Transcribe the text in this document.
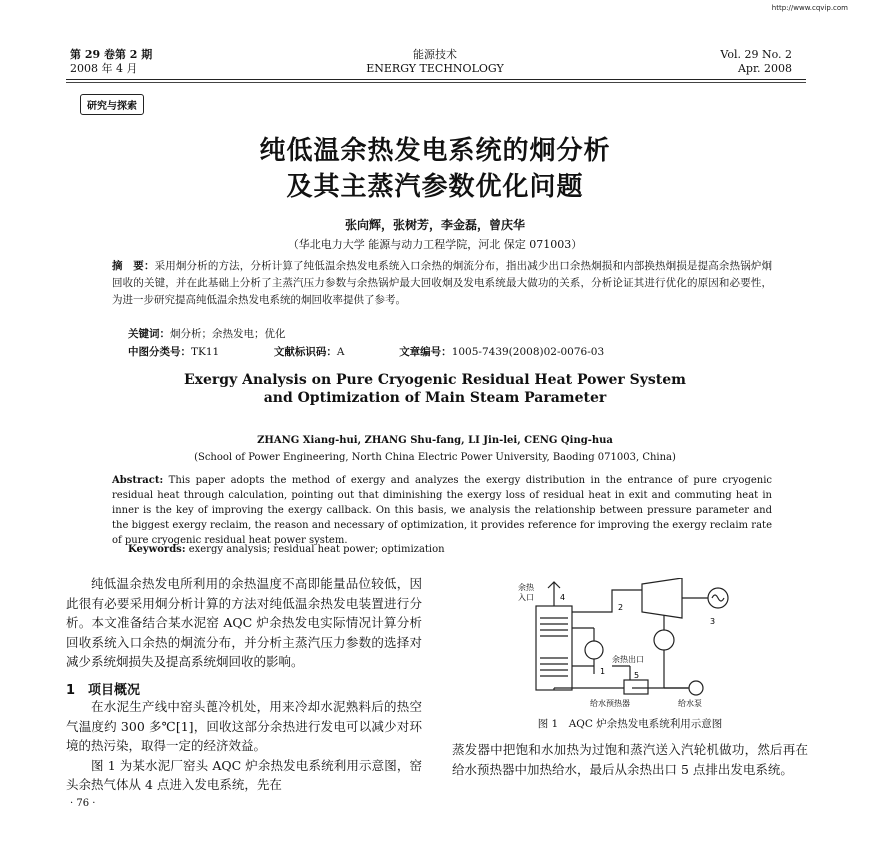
http://www.cqvip.com
第 29 卷第 2 期
2008 年 4 月
能源技术
ENERGY TECHNOLOGY
Vol. 29 No. 2
Apr. 2008
研究与探索
纯低温余热发电系统的炯分析
及其主蒸汽参数优化问题
张向辉，张树芳，李金磊，曾庆华
（华北电力大学 能源与动力工程学院，河北 保定 071003）
摘　要：采用炯分析的方法，分析计算了纯低温余热发电系统入口余热的炯流分布，指出减少出口余热炯损和内部换热炯损是提高余热锅炉炯回收的关键，并在此基础上分析了主蒸汽压力参数与余热锅炉最大回收炯及发电系统最大做功的关系，分析论证其进行优化的原因和必要性，为进一步研究提高纯低温余热发电系统的炯回收率提供了参考。
关键词：炯分析；余热发电；优化
中图分类号：TK11	文献标识码：A	文章编号：1005-7439(2008)02-0076-03
Exergy Analysis on Pure Cryogenic Residual Heat Power System
and Optimization of Main Steam Parameter
ZHANG Xiang-hui, ZHANG Shu-fang, LI Jin-lei, CENG Qing-hua
(School of Power Engineering, North China Electric Power University, Baoding 071003, China)
Abstract: This paper adopts the method of exergy and analyzes the exergy distribution in the entrance of pure cryogenic residual heat through calculation, pointing out that diminishing the exergy loss of residual heat in exit and commuting heat in inner is the key of improving the exergy callback. On this basis, we analysis the relationship between pressure parameter and the biggest exergy reclaim, the reason and necessary of optimization, it provides reference for improving the exergy reclaim rate of pure cryogenic residual heat power system.
Keywords: exergy analysis; residual heat power; optimization

纯低温余热发电所利用的余热温度不高即能量品位较低，因此很有必要采用炯分析计算的方法对纯低温余热发电装置进行分析。本文准备结合某水泥窑 AQC 炉余热发电实际情况计算分析回收系统入口余热的炯流分布，并分析主蒸汽压力参数的选择对减少系统炯损失及提高系统炯回收的影响。

1　项目概况

在水泥生产线中窑头蓖冷机处，用来冷却水泥熟料后的热空气温度约 300 多℃[1]，回收这部分余热进行发电可以减少对环境的热污染，取得一定的经济效益。

图 1 为某水泥厂窑头 AQC 炉余热发电系统利用示意图，窑头余热气体从 4 点进入发电系统，先在

余热
入口	4
2
3
余热出口
1	5
给水预热器	给水泵
图 1　AQC 炉余热发电系统利用示意图

蒸发器中把饱和水加热为过饱和蒸汽送入汽轮机做功，然后再在给水预热器中加热给水，最后从余热出口 5 点排出发电系统。

· 76 ·
